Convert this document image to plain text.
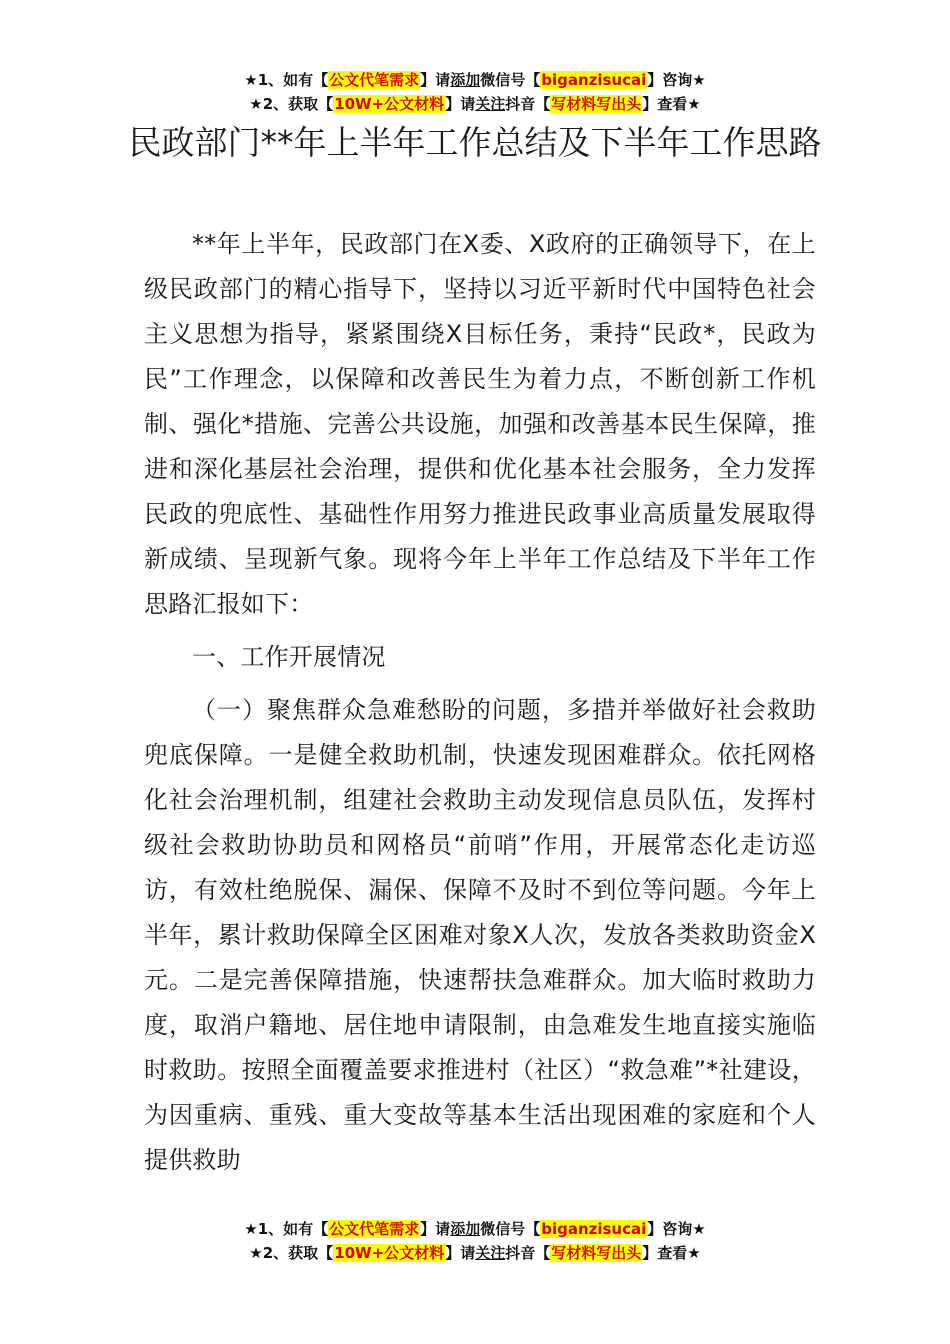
★1、如有【公文代笔需求】请添加微信号【biganzisucai】咨询★
★2、获取【10W+公文材料】请关注抖音【写材料写出头】查看★
民政部门**年上半年工作总结及下半年工作思路

**年上半年，民政部门在X委、X政府的正确领导下，在上级民政部门的精心指导下，坚持以习近平新时代中国特色社会主义思想为指导，紧紧围绕X目标任务，秉持“民政*，民政为民”工作理念，以保障和改善民生为着力点，不断创新工作机制、强化*措施、完善公共设施，加强和改善基本民生保障，推进和深化基层社会治理，提供和优化基本社会服务，全力发挥民政的兜底性、基础性作用努力推进民政事业高质量发展取得新成绩、呈现新气象。现将今年上半年工作总结及下半年工作思路汇报如下：

一、工作开展情况

（一）聚焦群众急难愁盼的问题，多措并举做好社会救助兜底保障。一是健全救助机制，快速发现困难群众。依托网格化社会治理机制，组建社会救助主动发现信息员队伍，发挥村级社会救助协助员和网格员“前哨”作用，开展常态化走访巡访，有效杜绝脱保、漏保、保障不及时不到位等问题。今年上半年，累计救助保障全区困难对象X人次，发放各类救助资金X元。二是完善保障措施，快速帮扶急难群众。加大临时救助力度，取消户籍地、居住地申请限制，由急难发生地直接实施临时救助。按照全面覆盖要求推进村（社区）“救急难”*社建设，为因重病、重残、重大变故等基本生活出现困难的家庭和个人提供救助

★1、如有【公文代笔需求】请添加微信号【biganzisucai】咨询★
★2、获取【10W+公文材料】请关注抖音【写材料写出头】查看★
